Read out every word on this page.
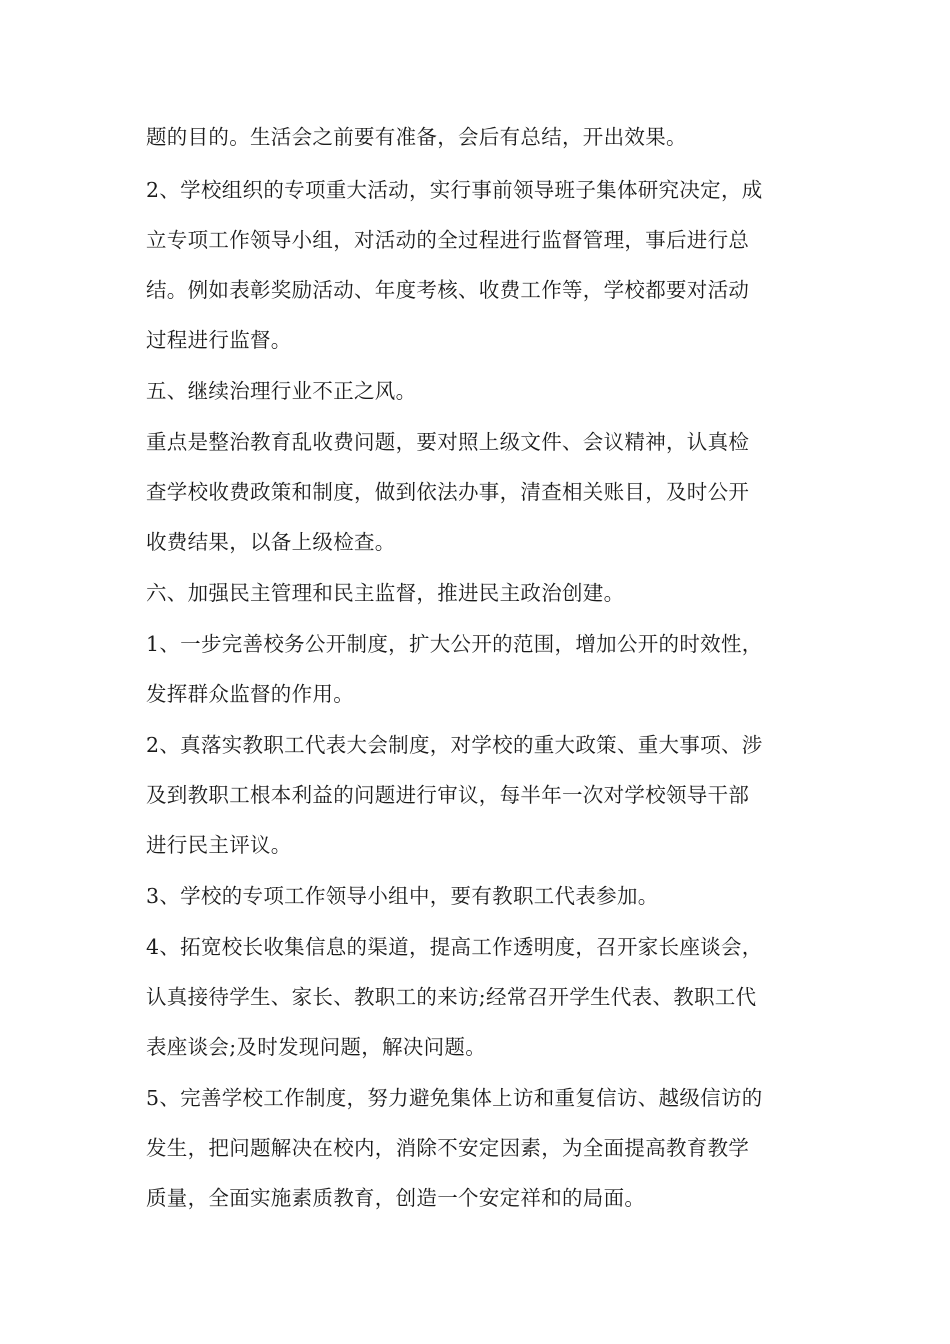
题的目的。生活会之前要有准备，会后有总结，开出效果。
2、学校组织的专项重大活动，实行事前领导班子集体研究决定，成
立专项工作领导小组，对活动的全过程进行监督管理，事后进行总
结。例如表彰奖励活动、年度考核、收费工作等，学校都要对活动
过程进行监督。
五、继续治理行业不正之风。
重点是整治教育乱收费问题，要对照上级文件、会议精神，认真检
查学校收费政策和制度，做到依法办事，清查相关账目，及时公开
收费结果，以备上级检查。
六、加强民主管理和民主监督，推进民主政治创建。
1、一步完善校务公开制度，扩大公开的范围，增加公开的时效性，
发挥群众监督的作用。
2、真落实教职工代表大会制度，对学校的重大政策、重大事项、涉
及到教职工根本利益的问题进行审议，每半年一次对学校领导干部
进行民主评议。
3、学校的专项工作领导小组中，要有教职工代表参加。
4、拓宽校长收集信息的渠道，提高工作透明度，召开家长座谈会，
认真接待学生、家长、教职工的来访;经常召开学生代表、教职工代
表座谈会;及时发现问题，解决问题。
5、完善学校工作制度，努力避免集体上访和重复信访、越级信访的
发生，把问题解决在校内，消除不安定因素，为全面提高教育教学
质量，全面实施素质教育，创造一个安定祥和的局面。
